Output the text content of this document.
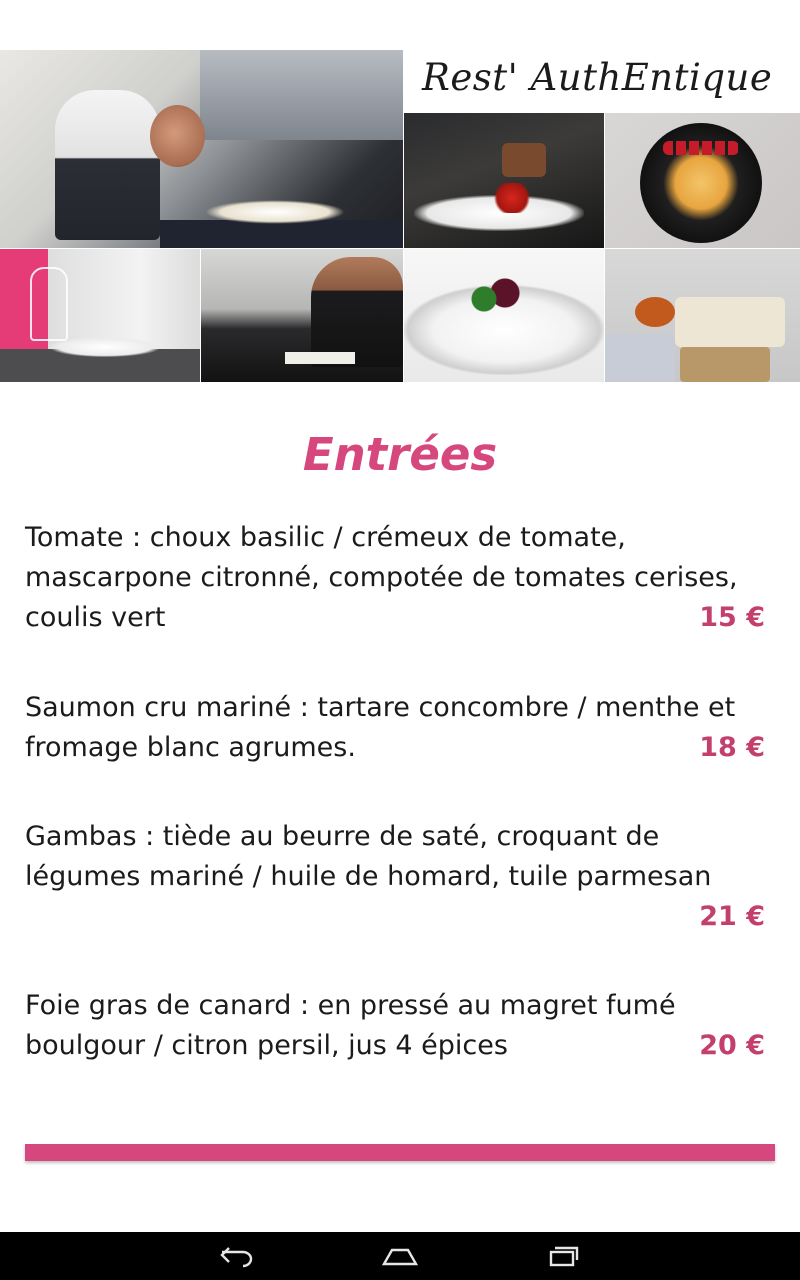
Rest' AuthEntique
Entrées
Tomate : choux basilic / crémeux de tomate,
mascarpone citronné, compotée de tomates cerises,
coulis vert	15 €
Saumon cru mariné : tartare concombre / menthe et
fromage blanc agrumes.	18 €
Gambas : tiède au beurre de saté, croquant de
légumes mariné / huile de homard, tuile parmesan
21 €
Foie gras de canard : en pressé au magret fumé
boulgour / citron persil, jus 4 épices	20 €
